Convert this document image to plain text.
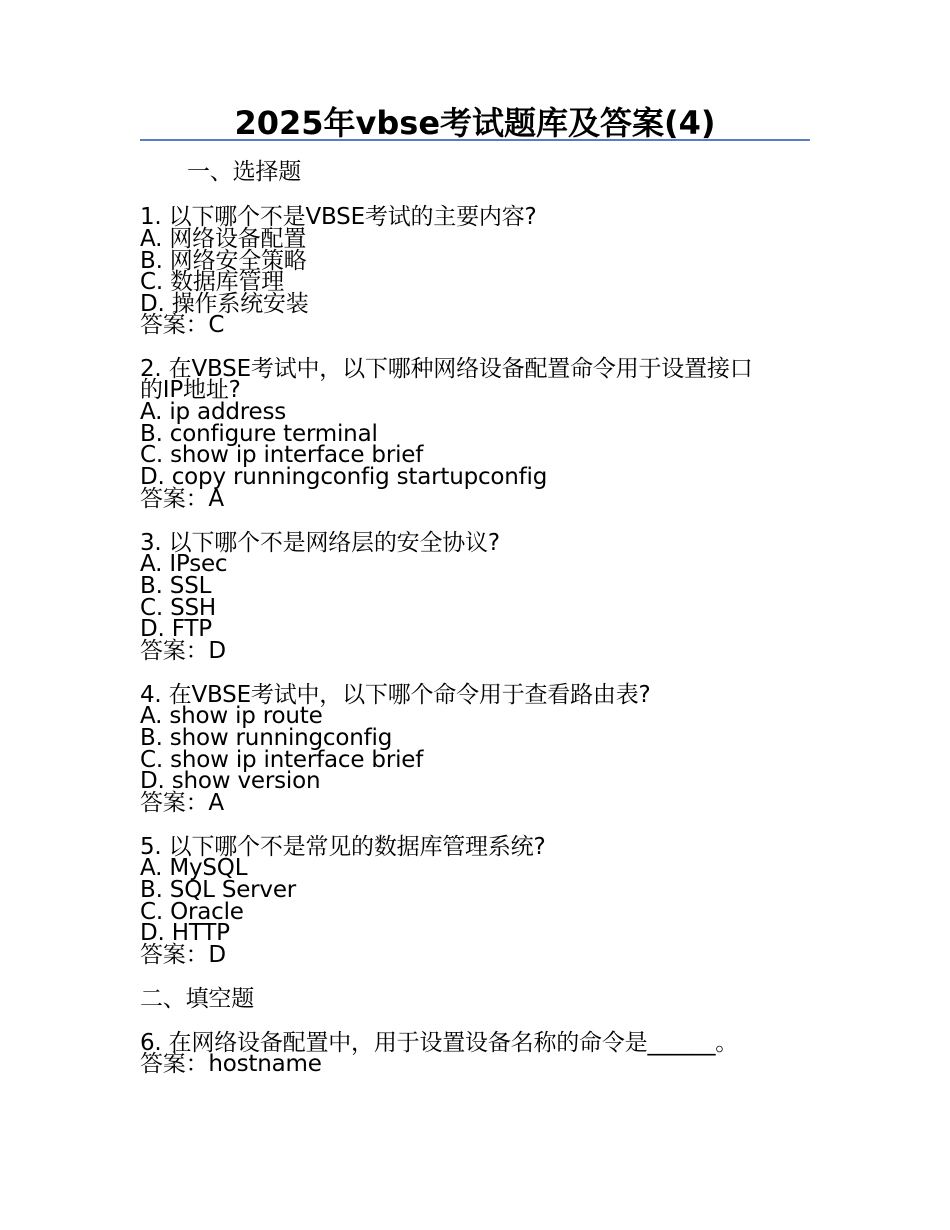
2025年vbse考试题库及答案(4)
一、选择题
1. 以下哪个不是VBSE考试的主要内容?
A. 网络设备配置
B. 网络安全策略
C. 数据库管理
D. 操作系统安装
答案：C
2. 在VBSE考试中，以下哪种网络设备配置命令用于设置接口
的IP地址?
A. ip address
B. configure terminal
C. show ip interface brief
D. copy runningconfig startupconfig
答案：A
3. 以下哪个不是网络层的安全协议?
A. IPsec
B. SSL
C. SSH
D. FTP
答案：D
4. 在VBSE考试中，以下哪个命令用于查看路由表?
A. show ip route
B. show runningconfig
C. show ip interface brief
D. show version
答案：A
5. 以下哪个不是常见的数据库管理系统?
A. MySQL
B. SQL Server
C. Oracle
D. HTTP
答案：D
二、填空题
6. 在网络设备配置中，用于设置设备名称的命令是______。
答案：hostname
